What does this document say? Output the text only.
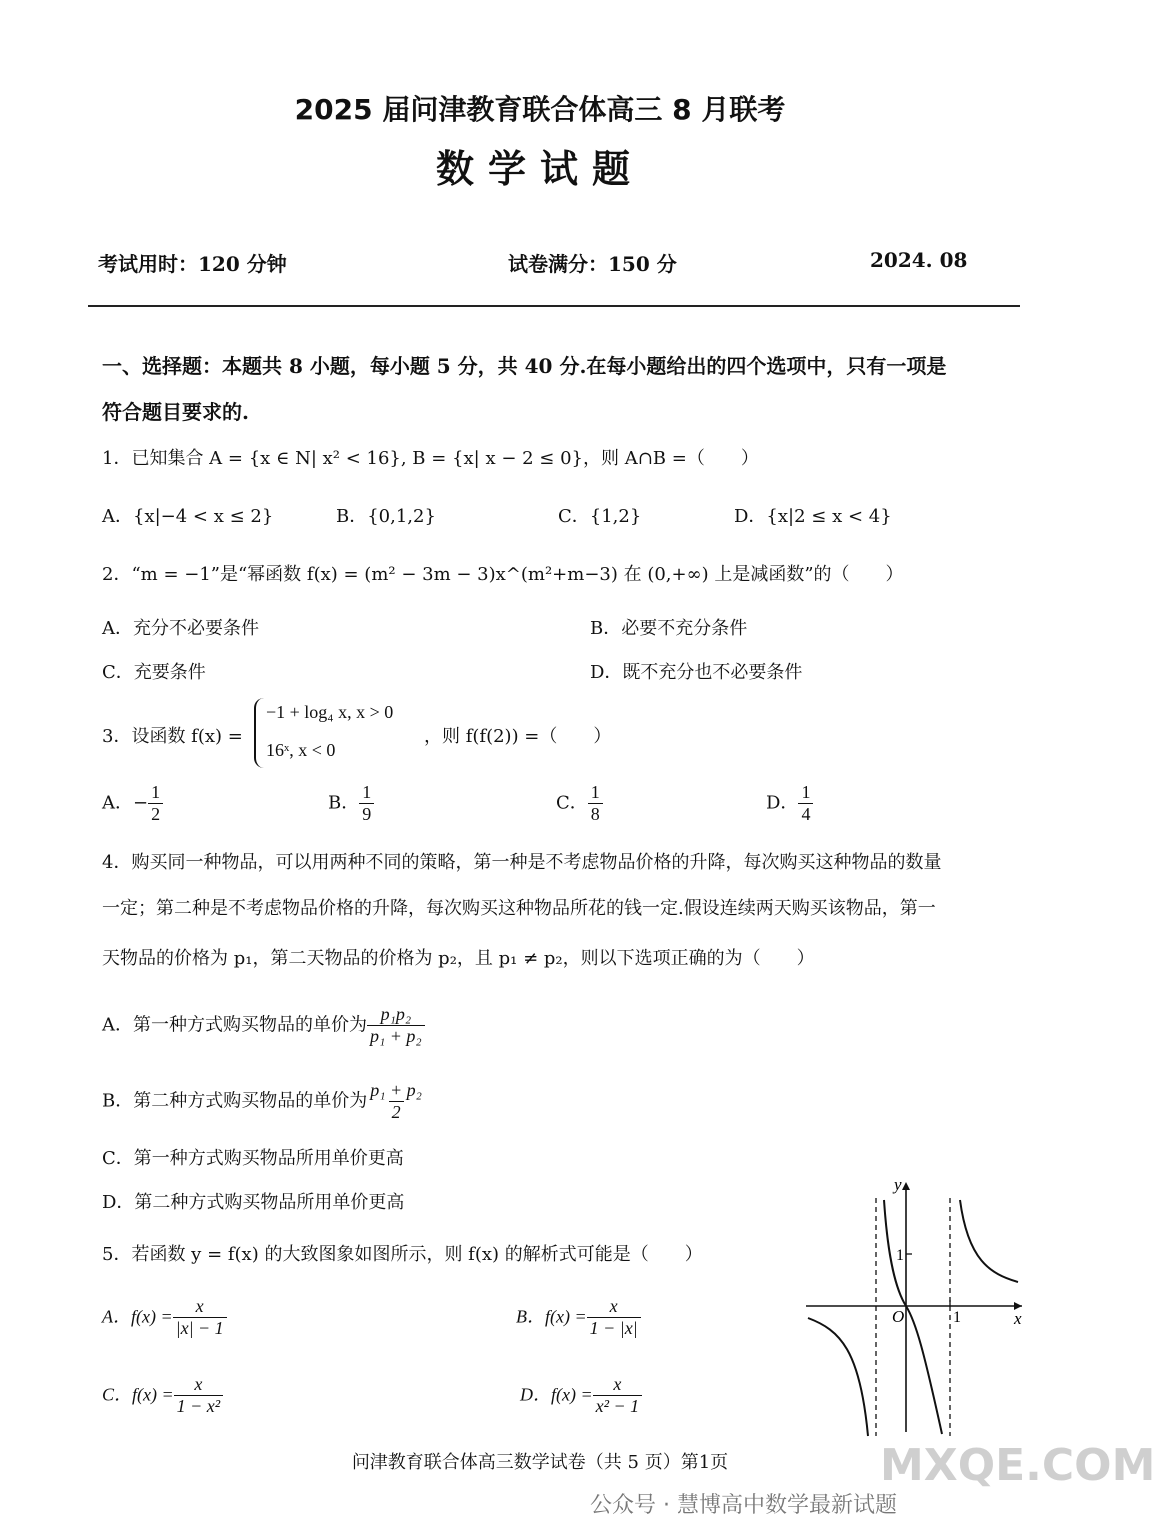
2025 届问津教育联合体高三 8 月联考
数学试题
考试用时：120 分钟	试卷满分：150 分	2024. 08
一、选择题：本题共 8 小题，每小题 5 分，共 40 分.在每小题给出的四个选项中，只有一项是
符合题目要求的.
1．已知集合 A = {x ∈ N| x² < 16}, B = {x| x − 2 ≤ 0}，则 A∩B =（　　）
A．{x|−4 < x ≤ 2}	B．{0,1,2}	C．{1,2}	D．{x|2 ≤ x < 4}
2．“m = −1”是“幂函数 f(x) = (m² − 3m − 3)x^(m²+m−3) 在 (0,+∞) 上是减函数”的（　　）
A．充分不必要条件	B．必要不充分条件
C．充要条件	D．既不充分也不必要条件
3．设函数 f(x) =
−1 + log₄ x, x > 0
16ˣ, x < 0
，则 f(f(2)) =（　　）
A．− $\frac{1}{2}$	B． $\frac{1}{9}$	C． $\frac{1}{8}$	D． $\frac{1}{4}$
4．购买同一种物品，可以用两种不同的策略，第一种是不考虑物品价格的升降，每次购买这种物品的数量
一定；第二种是不考虑物品价格的升降，每次购买这种物品所花的钱一定.假设连续两天购买该物品，第一
天物品的价格为 p₁，第二天物品的价格为 p₂，且 p₁ ≠ p₂，则以下选项正确的为（　　）
A．第一种方式购买物品的单价为 $\frac{\text{p₁p₂}}{\text{p₁ + p₂}}$
B．第二种方式购买物品的单价为 $\frac{\text{p₁ + p₂}}{2}$
C．第一种方式购买物品所用单价更高
D．第二种方式购买物品所用单价更高
5．若函数 y = f(x) 的大致图象如图所示，则 f(x) 的解析式可能是（　　）
A．$f(x) = \frac{x}{|x| - 1}$	B．$f(x) = \frac{x}{1 - |x|}$
C．$f(x) = \frac{x}{\text{1 − x²}}$	D．$f(x) = \frac{x}{\text{x² − 1}}$
y
x
O	1
1
问津教育联合体高三数学试卷（共 5 页）第1页
公众号 · 慧博高中数学最新试题
MXQE.COM
